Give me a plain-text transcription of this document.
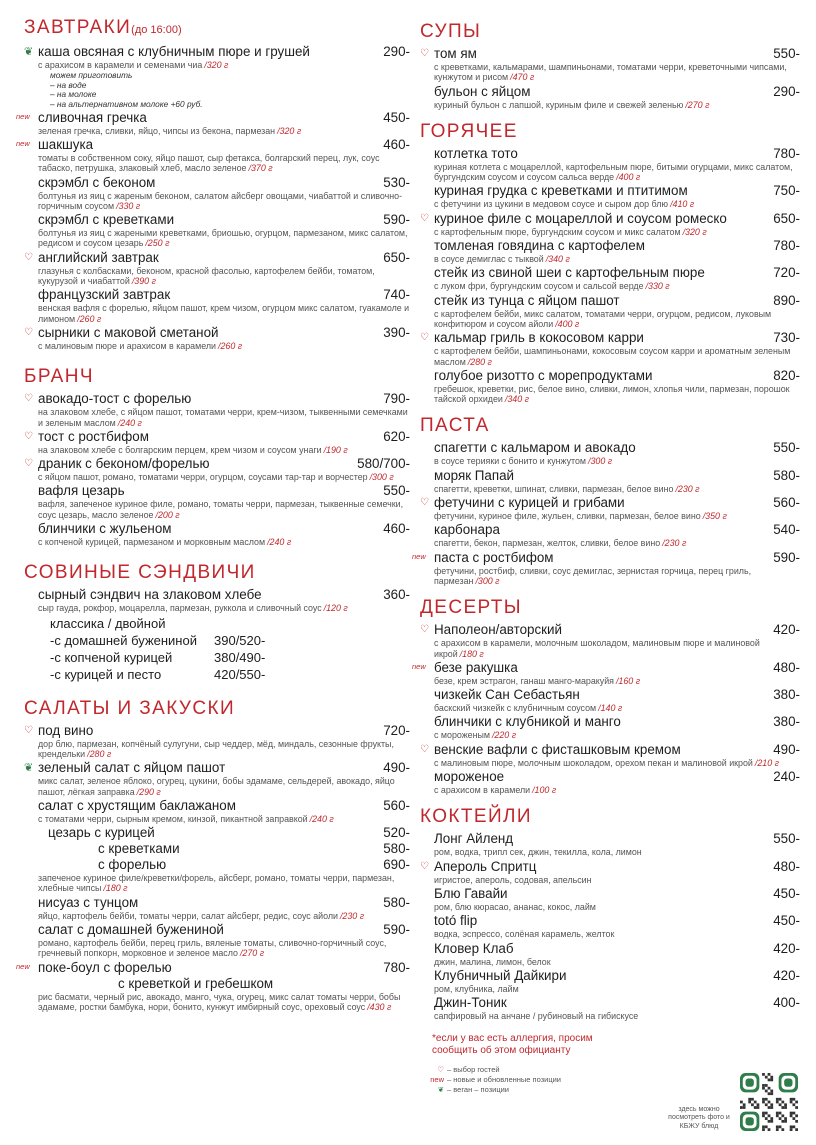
ЗАВТРАКИ(до 16:00)
❦ каша овсяная с клубничным пюре и грушей	290-
с арахисом в карамели и семенами чиа /320 г
можем приготовить
– на воде
– на молоке
– на альтернативном молоке +60 руб.
new сливочная гречка	450-
зеленая гречка, сливки, яйцо, чипсы из бекона, пармезан /320 г
new шакшука	460-
томаты в собственном соку, яйцо пашот, сыр фетакса, болгарский перец, лук, соус табаско, петрушка, злаковый хлеб, масло зеленое /370 г
скрэмбл с беконом	530-
болтунья из яиц с жареным беконом, салатом айсберг овощами, чиабаттой и сливочно-горчичным соусом /330 г
скрэмбл с креветками	590-
болтунья из яиц с жареными креветками, бриошью, огурцом, пармезаном, микс салатом, редисом и соусом цезарь /250 г
♡ английский завтрак	650-
глазунья с колбасками, беконом, красной фасолью, картофелем бейби, томатом, кукурузой и чиабаттой /390 г
французский завтрак	740-
венская вафля с форелью, яйцом пашот, крем чизом, огурцом микс салатом, гуакамоле и лимоном /260 г
♡ сырники с маковой сметаной	390-
с малиновым пюре и арахисом в карамели /260 г
БРАНЧ
♡ авокадо-тост с форелью	790-
на злаковом хлебе, с яйцом пашот, томатами черри, крем-чизом, тыквенными семечками и зеленым маслом /240 г
♡ тост с ростбифом	620-
на злаковом хлебе с болгарским перцем, крем чизом и соусом унаги /190 г
♡ драник с беконом/форелью	580/700-
с яйцом пашот, романо, томатами черри, огурцом, соусами тар-тар и ворчестер /300 г
вафля цезарь	550-
вафля, запеченое куриное филе, романо, томаты черри, пармезан, тыквенные семечки, соус цезарь, масло зеленое /200 г
блинчики с жульеном	460-
с копченой курицей, пармезаном и морковным маслом /240 г
СОВИНЫЕ СЭНДВИЧИ
сырный сэндвич на злаковом хлебе	360-
сыр гауда, рокфор, моцарелла, пармезан, руккола и сливочный соус /120 г
классика / двойной
-с домашней бужениной	390/520-
-с копченой курицей	380/490-
-с курицей и песто	420/550-
САЛАТЫ И ЗАКУСКИ
♡ под вино	720-
дор блю, пармезан, копчёный сулугуни, сыр чеддер, мёд, миндаль, сезонные фрукты, крендельки /280 г
❦ зеленый салат с яйцом пашот	490-
микс салат, зеленое яблоко, огурец, цукини, бобы эдамаме, сельдерей, авокадо, яйцо пашот, лёгкая заправка /290 г
салат с хрустящим баклажаном	560-
с томатами черри, сырным кремом, кинзой, пикантной заправкой /240 г
цезарь с курицей	520-
с креветками	580-
с форелью	690-
запеченое куриное филе/креветки/форель, айсберг, романо, томаты черри, пармезан, хлебные чипсы /180 г
нисуаз с тунцом	580-
яйцо, картофель бейби, томаты черри, салат айсберг, редис, соус айоли /230 г
салат с домашней бужениной	590-
романо, картофель бейби, перец гриль, вяленые томаты, сливочно-горчичный соус, гречневый попкорн, морковное и зеленое масло /270 г
new поке-боул с форелью	780-
с креветкой и гребешком
рис басмати, черный рис, авокадо, манго, чука, огурец, микс салат томаты черри, бобы эдамаме, ростки бамбука, нори, бонито, кунжут имбирный соус, ореховый соус /430 г
СУПЫ
♡ том ям	550-
с креветками, кальмарами, шампиньонами, томатами черри, креветочными чипсами, кунжутом и рисом /470 г
бульон с яйцом	290-
куриный бульон с лапшой, куриным филе и свежей зеленью /270 г
ГОРЯЧЕЕ
котлетка тото	780-
куриная котлета с моцареллой, картофельным пюре, битыми огурцами, микс салатом, бургундским соусом и соусом сальса верде /400 г
куриная грудка с креветками и птитимом	750-
с фетучини из цукини в медовом соусе и сыром дор блю /410 г
♡ куриное филе с моцареллой и соусом ромеско	650-
с картофельным пюре, бургундским соусом и микс салатом /320 г
томленая говядина с картофелем	780-
в соусе демиглас с тыквой /340 г
стейк из свиной шеи с картофельным пюре	720-
с луком фри, бургундским соусом и сальсой верде /330 г
стейк из тунца с яйцом пашот	890-
с картофелем бейби, микс салатом, томатами черри, огурцом, редисом, луковым конфитюром и соусом айоли /400 г
♡ кальмар гриль в кокосовом карри	730-
с картофелем бейби, шампиньонами, кокосовым соусом карри и ароматным зеленым маслом /280 г
голубое ризотто с морепродуктами	820-
гребешок, креветки, рис, белое вино, сливки, лимон, хлопья чили, пармезан, порошок тайской орхидеи /340 г
ПАСТА
спагетти с кальмаром и авокадо	550-
в соусе терияки с бонито и кунжутом /300 г
моряк Папай	580-
спагетти, креветки, шпинат, сливки, пармезан, белое вино /230 г
♡ фетучини с курицей и грибами	560-
фетучини, куриное филе, жульен, сливки, пармезан, белое вино /350 г
карбонара	540-
спагетти, бекон, пармезан, желток, сливки, белое вино /230 г
new паста с ростбифом	590-
фетучини, ростбиф, сливки, соус демиглас, зернистая горчица, перец гриль, пармезан /300 г
ДЕСЕРТЫ
♡ Наполеон/авторский	420-
с арахисом в карамели, молочным шоколадом, малиновым пюре и малиновой икрой /180 г
new безе ракушка	480-
безе, крем эстрагон, ганаш манго-маракуйя /160 г
чизкейк Сан Себастьян	380-
баскский чизкейк с клубничным соусом /140 г
блинчики с клубникой и манго	380-
с мороженым /220 г
♡ венские вафли с фисташковым кремом	490-
с малиновым пюре, молочным шоколадом, орехом пекан и малиновой икрой /210 г
мороженое	240-
с арахисом в карамели /100 г
КОКТЕЙЛИ
Лонг Айленд	550-
ром, водка, трипл сек, джин, текилла, кола, лимон
♡ Апероль Спритц	480-
игристое, апероль, содовая, апельсин
Блю Гавайи	450-
ром, блю кюрасао, ананас, кокос, лайм
totó flip	450-
водка, эспрессо, солёная карамель, желток
Кловер Клаб	420-
джин, малина, лимон, белок
Клубничный Дайкири	420-
ром, клубника, лайм
Джин-Тоник	400-
сапфировый на анчане / рубиновый на гибискусе
*если у вас есть аллергия, просим сообщить об этом официанту
♡ – выбор гостей
new – новые и обновленные позиции
❦ – веган – позиции
здесь можно посмотреть фото и КБЖУ блюд
